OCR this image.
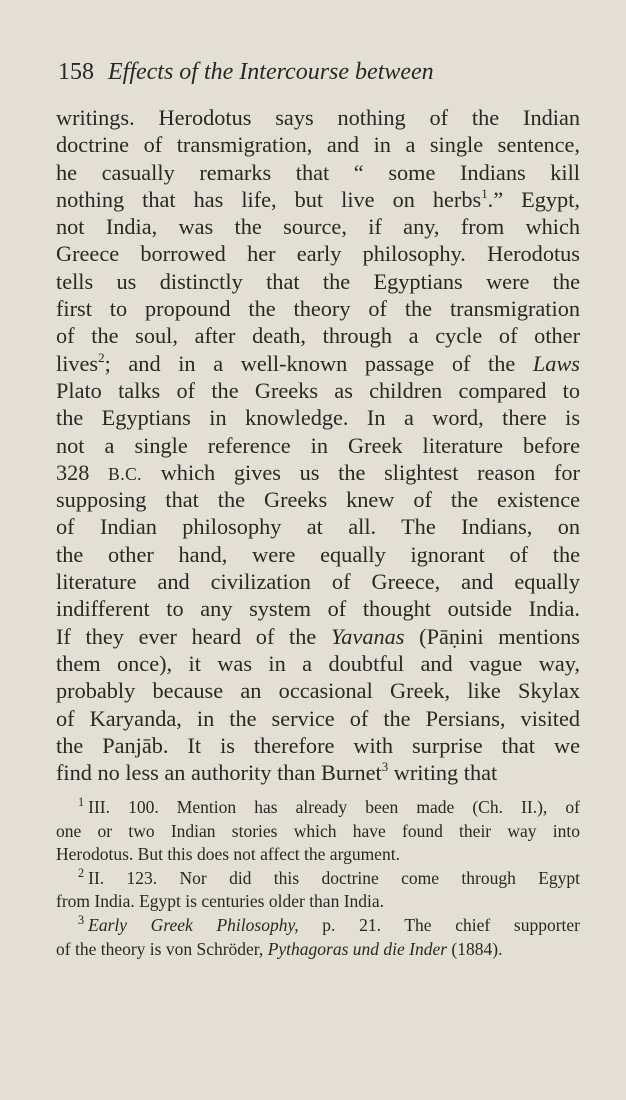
158 Effects of the Intercourse between
writings. Herodotus says nothing of the Indian
doctrine of transmigration, and in a single sentence,
he casually remarks that “ some Indians kill
nothing that has life, but live on herbs$^1$.” Egypt,
not India, was the source, if any, from which
Greece borrowed her early philosophy. Herodotus
tells us distinctly that the Egyptians were the
first to propound the theory of the transmigration
of the soul, after death, through a cycle of other
lives$^2$; and in a well-known passage of the Laws
Plato talks of the Greeks as children compared to
the Egyptians in knowledge. In a word, there is
not a single reference in Greek literature before
328 B.C. which gives us the slightest reason for
supposing that the Greeks knew of the existence
of Indian philosophy at all. The Indians, on
the other hand, were equally ignorant of the
literature and civilization of Greece, and equally
indifferent to any system of thought outside India.
If they ever heard of the Yavanas (Pāṇini mentions
them once), it was in a doubtful and vague way,
probably because an occasional Greek, like Skylax
of Karyanda, in the service of the Persians, visited
the Panjāb. It is therefore with surprise that we
find no less an authority than Burnet$^3$ writing that
$^1$ III. 100. Mention has already been made (Ch. II.), of
one or two Indian stories which have found their way into
Herodotus. But this does not affect the argument.
$^2$ II. 123. Nor did this doctrine come through Egypt
from India. Egypt is centuries older than India.
$^3$ Early Greek Philosophy, p. 21. The chief supporter
of the theory is von Schröder, Pythagoras und die Inder (1884).
